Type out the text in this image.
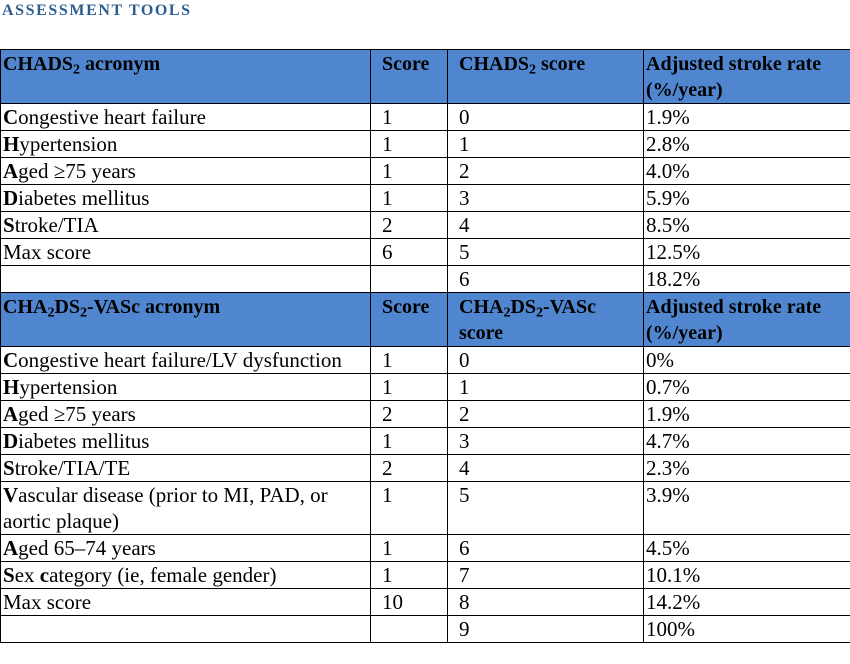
ASSESSMENT TOOLS
$CHADS_2$ acronym	Score	$CHADS_2$ score	Adjusted stroke rate (%/year)
Congestive heart failure	1	0	1.9%
Hypertension	1	1	2.8%
Aged ≥75 years	1	2	4.0%
Diabetes mellitus	1	3	5.9%
Stroke/TIA	2	4	8.5%
Max score	6	5	12.5%
		6	18.2%
$CHA_2DS_2$-VASc acronym	Score	$CHA_2DS_2$-VASc score	Adjusted stroke rate (%/year)
Congestive heart failure/LV dysfunction	1	0	0%
Hypertension	1	1	0.7%
Aged ≥75 years	2	2	1.9%
Diabetes mellitus	1	3	4.7%
Stroke/TIA/TE	2	4	2.3%
Vascular disease (prior to MI, PAD, or aortic plaque)	1	5	3.9%
Aged 65–74 years	1	6	4.5%
Sex category (ie, female gender)	1	7	10.1%
Max score	10	8	14.2%
		9	100%
